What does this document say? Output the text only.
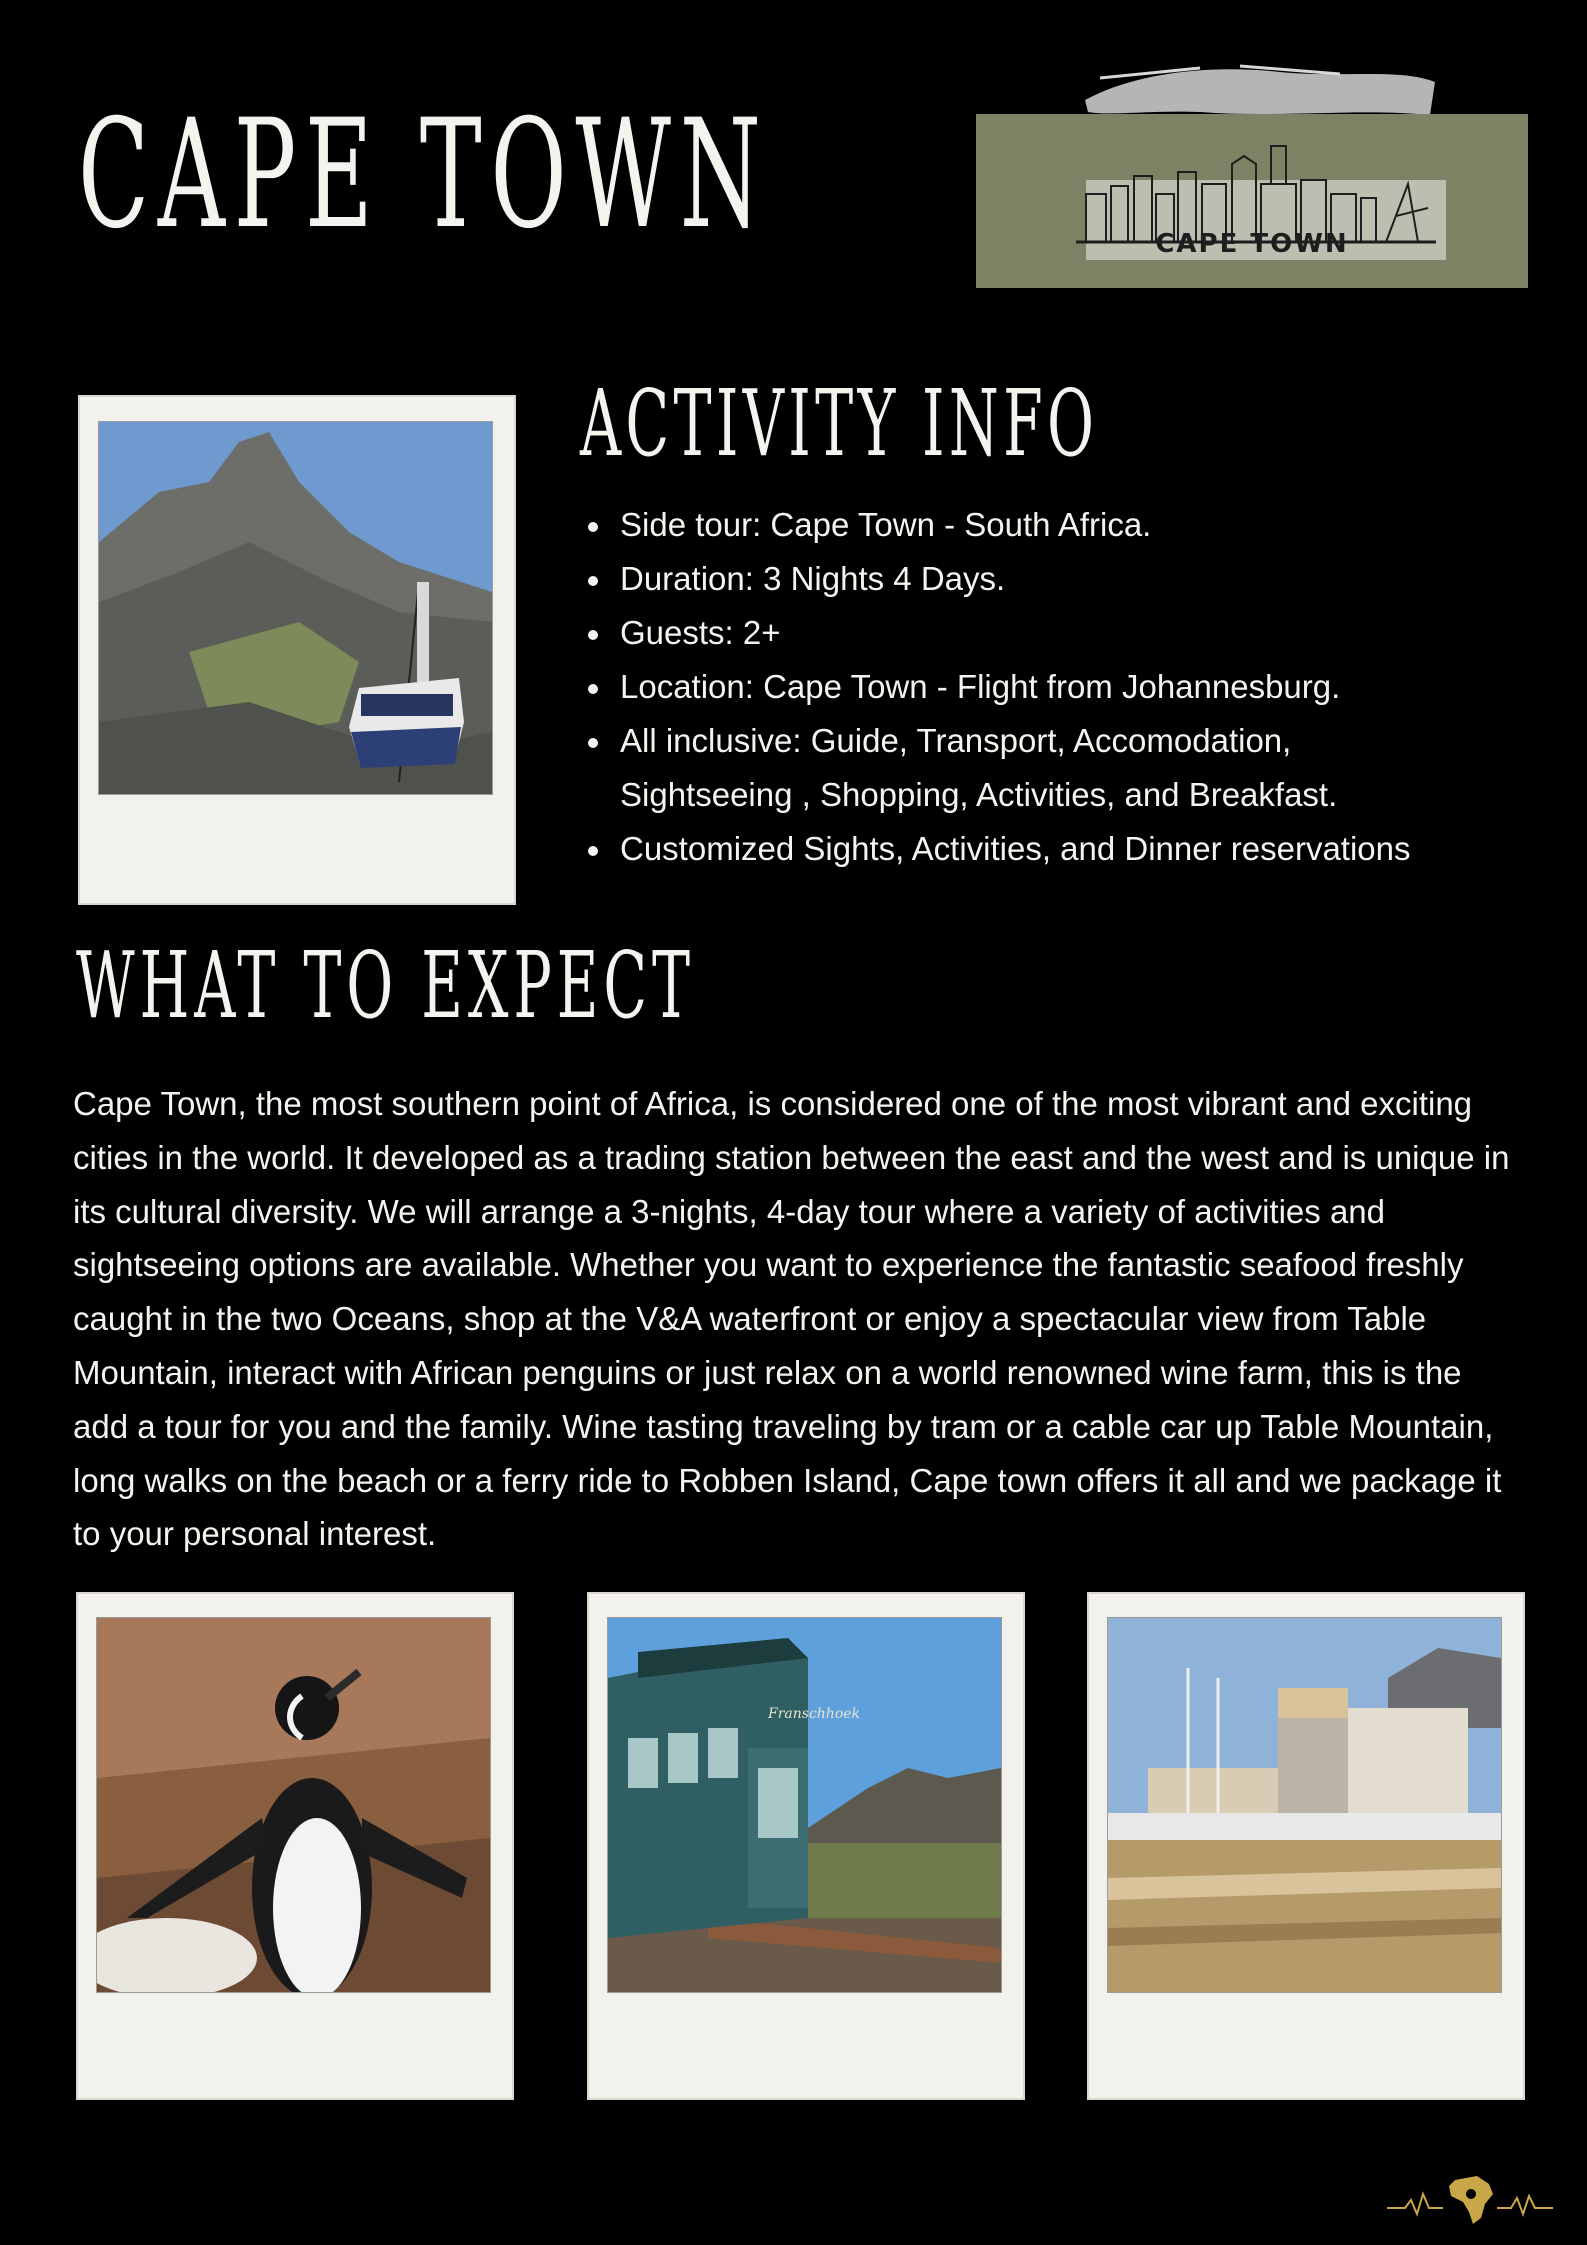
CAPE TOWN	CAPE TOWN
ACTIVITY INFO
Side tour: Cape Town - South Africa.
Duration: 3 Nights 4 Days.
Guests: 2+
Location: Cape Town - Flight from Johannesburg.
All inclusive: Guide, Transport, Accomodation, Sightseeing , Shopping, Activities, and Breakfast.
Customized Sights, Activities, and Dinner reservations
WHAT TO EXPECT

Cape Town, the most southern point of Africa, is considered one of the most vibrant and exciting cities in the world. It developed as a trading station between the east and the west and is unique in its cultural diversity. We will arrange a 3-nights, 4-day tour where a variety of activities and sightseeing options are available. Whether you want to experience the fantastic seafood freshly caught in the two Oceans, shop at the V&A waterfront or enjoy a spectacular view from Table Mountain, interact with African penguins or just relax on a world renowned wine farm, this is the add a tour for you and the family. Wine tasting traveling by tram or a cable car up Table Mountain, long walks on the beach or a ferry ride to Robben Island, Cape town offers it all and we package it to your personal interest.

Franschhoek
